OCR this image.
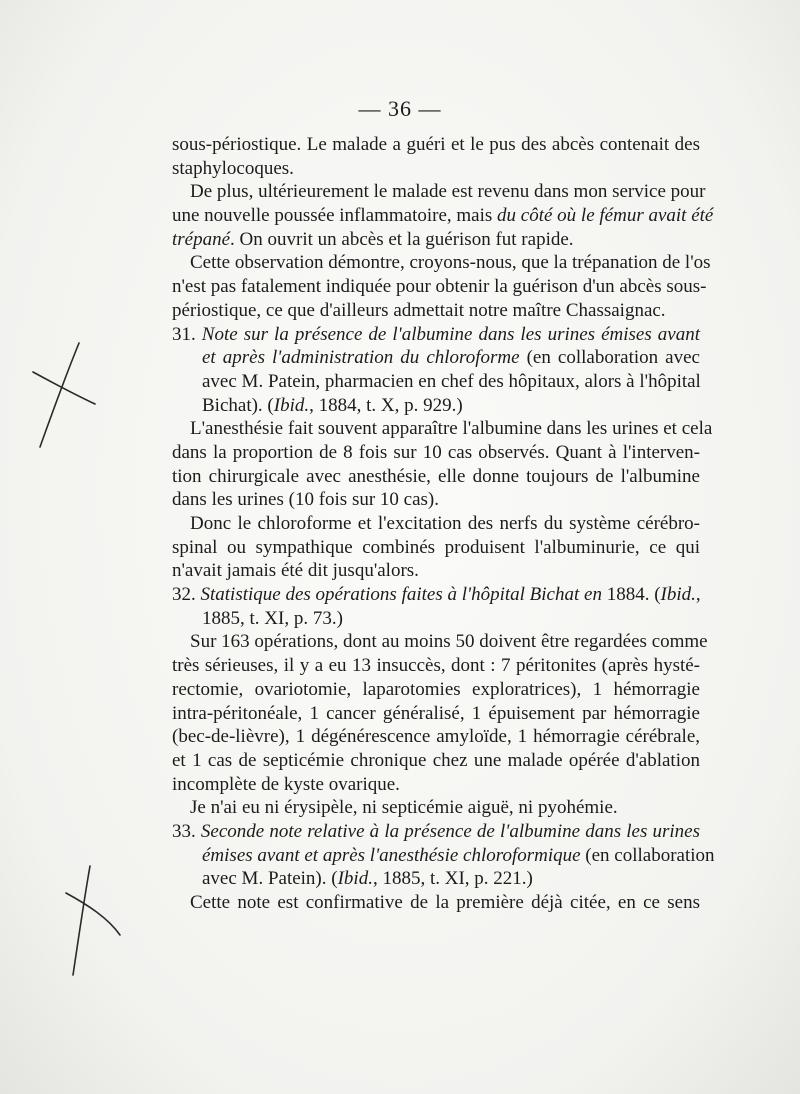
— 36 —
sous-périostique. Le malade a guéri et le pus des abcès contenait des
staphylocoques.
De plus, ultérieurement le malade est revenu dans mon service pour
une nouvelle poussée inflammatoire, mais du côté où le fémur avait été
trépané. On ouvrit un abcès et la guérison fut rapide.
Cette observation démontre, croyons-nous, que la trépanation de l'os
n'est pas fatalement indiquée pour obtenir la guérison d'un abcès sous-
périostique, ce que d'ailleurs admettait notre maître Chassaignac.
31. Note sur la présence de l'albumine dans les urines émises avant
et après l'administration du chloroforme (en collaboration avec
avec M. Patein, pharmacien en chef des hôpitaux, alors à l'hôpital
Bichat). (Ibid., 1884, t. X, p. 929.)
L'anesthésie fait souvent apparaître l'albumine dans les urines et cela
dans la proportion de 8 fois sur 10 cas observés. Quant à l'interven-
tion chirurgicale avec anesthésie, elle donne toujours de l'albumine
dans les urines (10 fois sur 10 cas).
Donc le chloroforme et l'excitation des nerfs du système cérébro-
spinal ou sympathique combinés produisent l'albuminurie, ce qui
n'avait jamais été dit jusqu'alors.
32. Statistique des opérations faites à l'hôpital Bichat en 1884. (Ibid.,
1885, t. XI, p. 73.)
Sur 163 opérations, dont au moins 50 doivent être regardées comme
très sérieuses, il y a eu 13 insuccès, dont : 7 péritonites (après hysté-
rectomie, ovariotomie, laparotomies exploratrices), 1 hémorragie
intra-péritonéale, 1 cancer généralisé, 1 épuisement par hémorragie
(bec-de-lièvre), 1 dégénérescence amyloïde, 1 hémorragie cérébrale,
et 1 cas de septicémie chronique chez une malade opérée d'ablation
incomplète de kyste ovarique.
Je n'ai eu ni érysipèle, ni septicémie aiguë, ni pyohémie.
33. Seconde note relative à la présence de l'albumine dans les urines
émises avant et après l'anesthésie chloroformique (en collaboration
avec M. Patein). (Ibid., 1885, t. XI, p. 221.)
Cette note est confirmative de la première déjà citée, en ce sens
